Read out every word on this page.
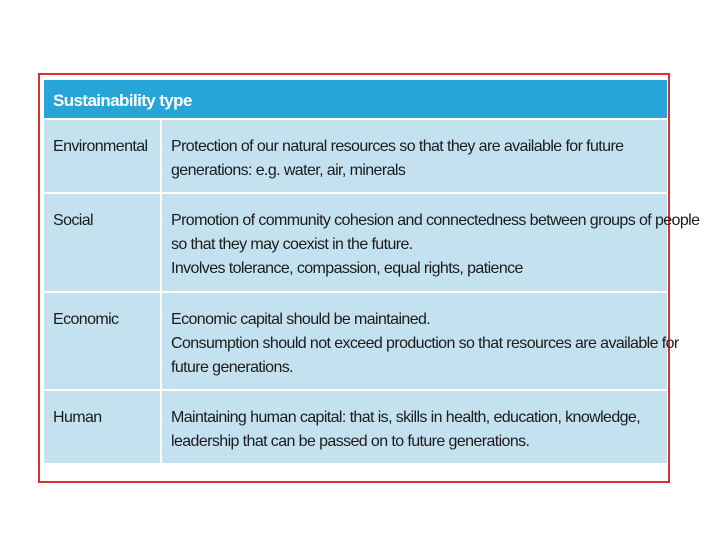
Sustainability type
Environmental Protection of our natural resources so that they are available for future
generations: e.g. water, air, minerals
Social	Promotion of community cohesion and connectedness between groups of people
so that they may coexist in the future.
Involves tolerance, compassion, equal rights, patience
Economic	Economic capital should be maintained.
Consumption should not exceed production so that resources are available for
future generations.
Human	Maintaining human capital: that is, skills in health, education, knowledge,
leadership that can be passed on to future generations.
